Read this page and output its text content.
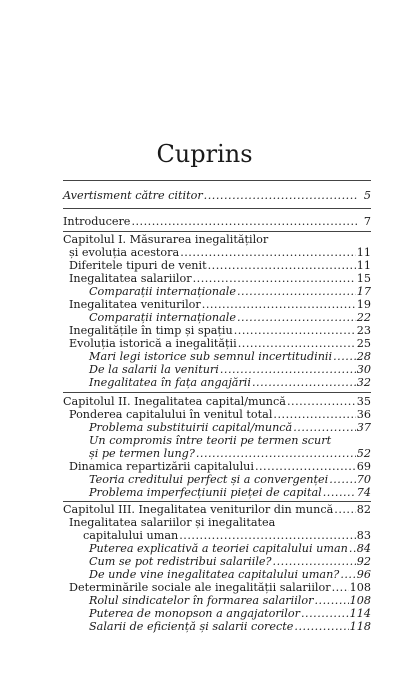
Cuprins
Avertisment către cititor .....	5
Introducere .....	7
Capitolul I. Măsurarea inegalităților
și evoluția acestora .....	11
Diferitele tipuri de venit .....	11
Inegalitatea salariilor .....	15
Comparații internaționale .....	17
Inegalitatea veniturilor .....	19
Comparații internaționale .....	22
Inegalitățile în timp și spațiu .....	23
Evoluția istorică a inegalității .....	25
Mari legi istorice sub semnul incertitudinii ..... 28
De la salarii la venituri .....	30
Inegalitatea în fața angajării .....	32
Capitolul II. Inegalitatea capital/muncă .....	35
Ponderea capitalului în venitul total .....	36
Problema substituirii capital/muncă .....	37
Un compromis între teorii pe termen scurt
și pe termen lung? .....	52
Dinamica repartizării capitalului .....	69
Teoria creditului perfect și a convergenței .....	70
Problema imperfecțiunii pieței de capital .....	74
Capitolul III. Inegalitatea veniturilor din muncă ..... 82
Inegalitatea salariilor și inegalitatea
capitalului uman .....	83
Puterea explicativă a teoriei capitalului uman ..... 84
Cum se pot redistribui salariile? .....	92
De unde vine inegalitatea capitalului uman? ..... 96
Determinările sociale ale inegalității salariilor ..... 108
Rolul sindicatelor în formarea salariilor .....	108
Puterea de monopson a angajatorilor .....	114
Salarii de eficiență și salarii corecte .....	118
